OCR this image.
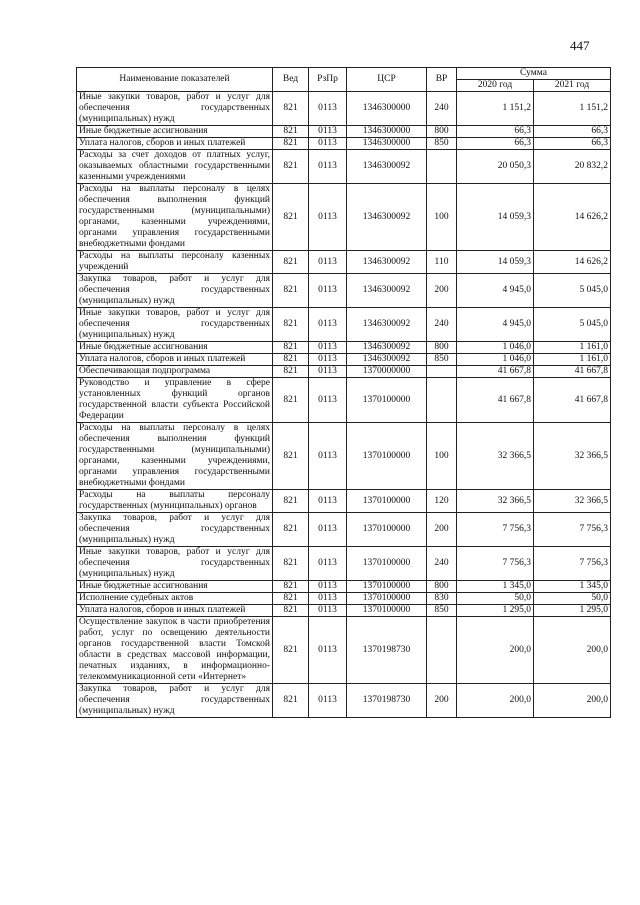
447
Наименование показателей	Вед	РзПр	ЦСР	ВР	Сумма	
					2020 год	2021 год
Иные закупки товаров, работ и услуг для обеспечения государственных (муниципальных) нужд	821	0113	1346300000	240	1 151,2	1 151,2
Иные бюджетные ассигнования	821	0113	1346300000	800	66,3	66,3
Уплата налогов, сборов и иных платежей	821	0113	1346300000	850	66,3	66,3
Расходы за счет доходов от платных услуг, оказываемых областными государственными казенными учреждениями	821	0113	1346300092		20 050,3	20 832,2
Расходы на выплаты персоналу в целях обеспечения выполнения функций государственными (муниципальными) органами, казенными учреждениями, органами управления государственными внебюджетными фондами	821	0113	1346300092	100	14 059,3	14 626,2
Расходы на выплаты персоналу казенных учреждений	821	0113	1346300092	110	14 059,3	14 626,2
Закупка товаров, работ и услуг для обеспечения государственных (муниципальных) нужд	821	0113	1346300092	200	4 945,0	5 045,0
Иные закупки товаров, работ и услуг для обеспечения государственных (муниципальных) нужд	821	0113	1346300092	240	4 945,0	5 045,0
Иные бюджетные ассигнования	821	0113	1346300092	800	1 046,0	1 161,0
Уплата налогов, сборов и иных платежей	821	0113	1346300092	850	1 046,0	1 161,0
Обеспечивающая подпрограмма	821	0113	1370000000		41 667,8	41 667,8
Руководство и управление в сфере установленных функций органов государственной власти субъекта Российской Федерации	821	0113	1370100000		41 667,8	41 667,8
Расходы на выплаты персоналу в целях обеспечения выполнения функций государственными (муниципальными) органами, казенными учреждениями, органами управления государственными внебюджетными фондами	821	0113	1370100000	100	32 366,5	32 366,5
Расходы на выплаты персоналу государственных (муниципальных) органов	821	0113	1370100000	120	32 366,5	32 366,5
Закупка товаров, работ и услуг для обеспечения государственных (муниципальных) нужд	821	0113	1370100000	200	7 756,3	7 756,3
Иные закупки товаров, работ и услуг для обеспечения государственных (муниципальных) нужд	821	0113	1370100000	240	7 756,3	7 756,3
Иные бюджетные ассигнования	821	0113	1370100000	800	1 345,0	1 345,0
Исполнение судебных актов	821	0113	1370100000	830	50,0	50,0
Уплата налогов, сборов и иных платежей	821	0113	1370100000	850	1 295,0	1 295,0
Осуществление закупок в части приобретения работ, услуг по освещению деятельности органов государственной власти Томской области в средствах массовой информации, печатных изданиях, в информационно-телекоммуникационной сети «Интернет»	821	0113	1370198730		200,0	200,0
Закупка товаров, работ и услуг для обеспечения государственных (муниципальных) нужд	821	0113	1370198730	200	200,0	200,0
